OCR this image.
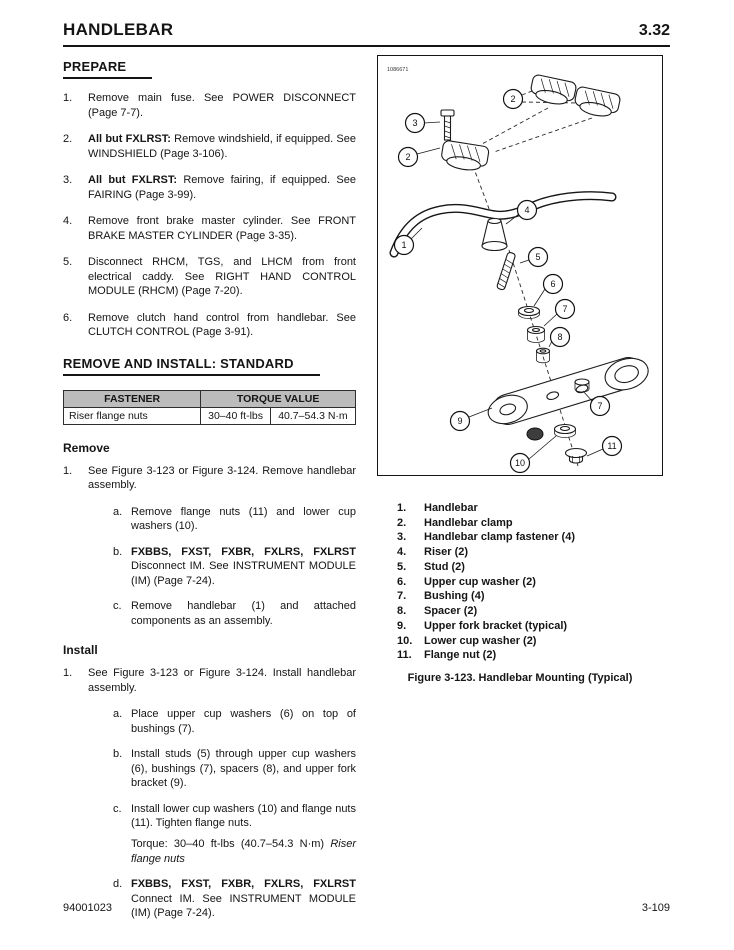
HANDLEBAR	3.32
PREPARE
1.	Remove main fuse. See POWER DISCONNECT (Page 7-7).
2.	All but FXLRST: Remove windshield, if equipped. See WINDSHIELD (Page 3-106).
3.	All but FXLRST: Remove fairing, if equipped. See FAIRING (Page 3-99).
4.	Remove front brake master cylinder. See FRONT BRAKE MASTER CYLINDER (Page 3-35).
5.	Disconnect RHCM, TGS, and LHCM from front electrical caddy. See RIGHT HAND CONTROL MODULE (RHCM) (Page 7-20).
6.	Remove clutch hand control from handlebar. See CLUTCH CONTROL (Page 3-91).
REMOVE AND INSTALL: STANDARD
FASTENER	TORQUE VALUE	
Riser flange nuts	30–40 ft-lbs	40.7–54.3 N·m
Remove
1.	See Figure 3-123 or Figure 3-124. Remove handlebar assembly.
a. Remove flange nuts (11) and lower cup washers (10).
b. FXBBS, FXST, FXBR, FXLRS, FXLRST Disconnect IM. See INSTRUMENT MODULE (IM) (Page 7-24).
c. Remove handlebar (1) and attached components as an assembly.
Install
1.	See Figure 3-123 or Figure 3-124. Install handlebar assembly.
a. Place upper cup washers (6) on top of bushings (7).
b. Install studs (5) through upper cup washers (6), bushings (7), spacers (8), and upper fork bracket (9).
c. Install lower cup washers (10) and flange nuts (11). Tighten flange nuts.
Torque: 30–40 ft-lbs (40.7–54.3 N·m) Riser flange nuts
d. FXBBS, FXST, FXBR, FXLRS, FXLRST Connect IM. See INSTRUMENT MODULE (IM) (Page 7-24).
1086671
1
2
2
3
4
5
6
7
8
7
9
10
11
1.	Handlebar
2.	Handlebar clamp
3.	Handlebar clamp fastener (4)
4.	Riser (2)
5.	Stud (2)
6.	Upper cup washer (2)
7.	Bushing (4)
8.	Spacer (2)
9.	Upper fork bracket (typical)
10.	Lower cup washer (2)
11.	Flange nut (2)
Figure 3-123. Handlebar Mounting (Typical)
94001023	3-109
